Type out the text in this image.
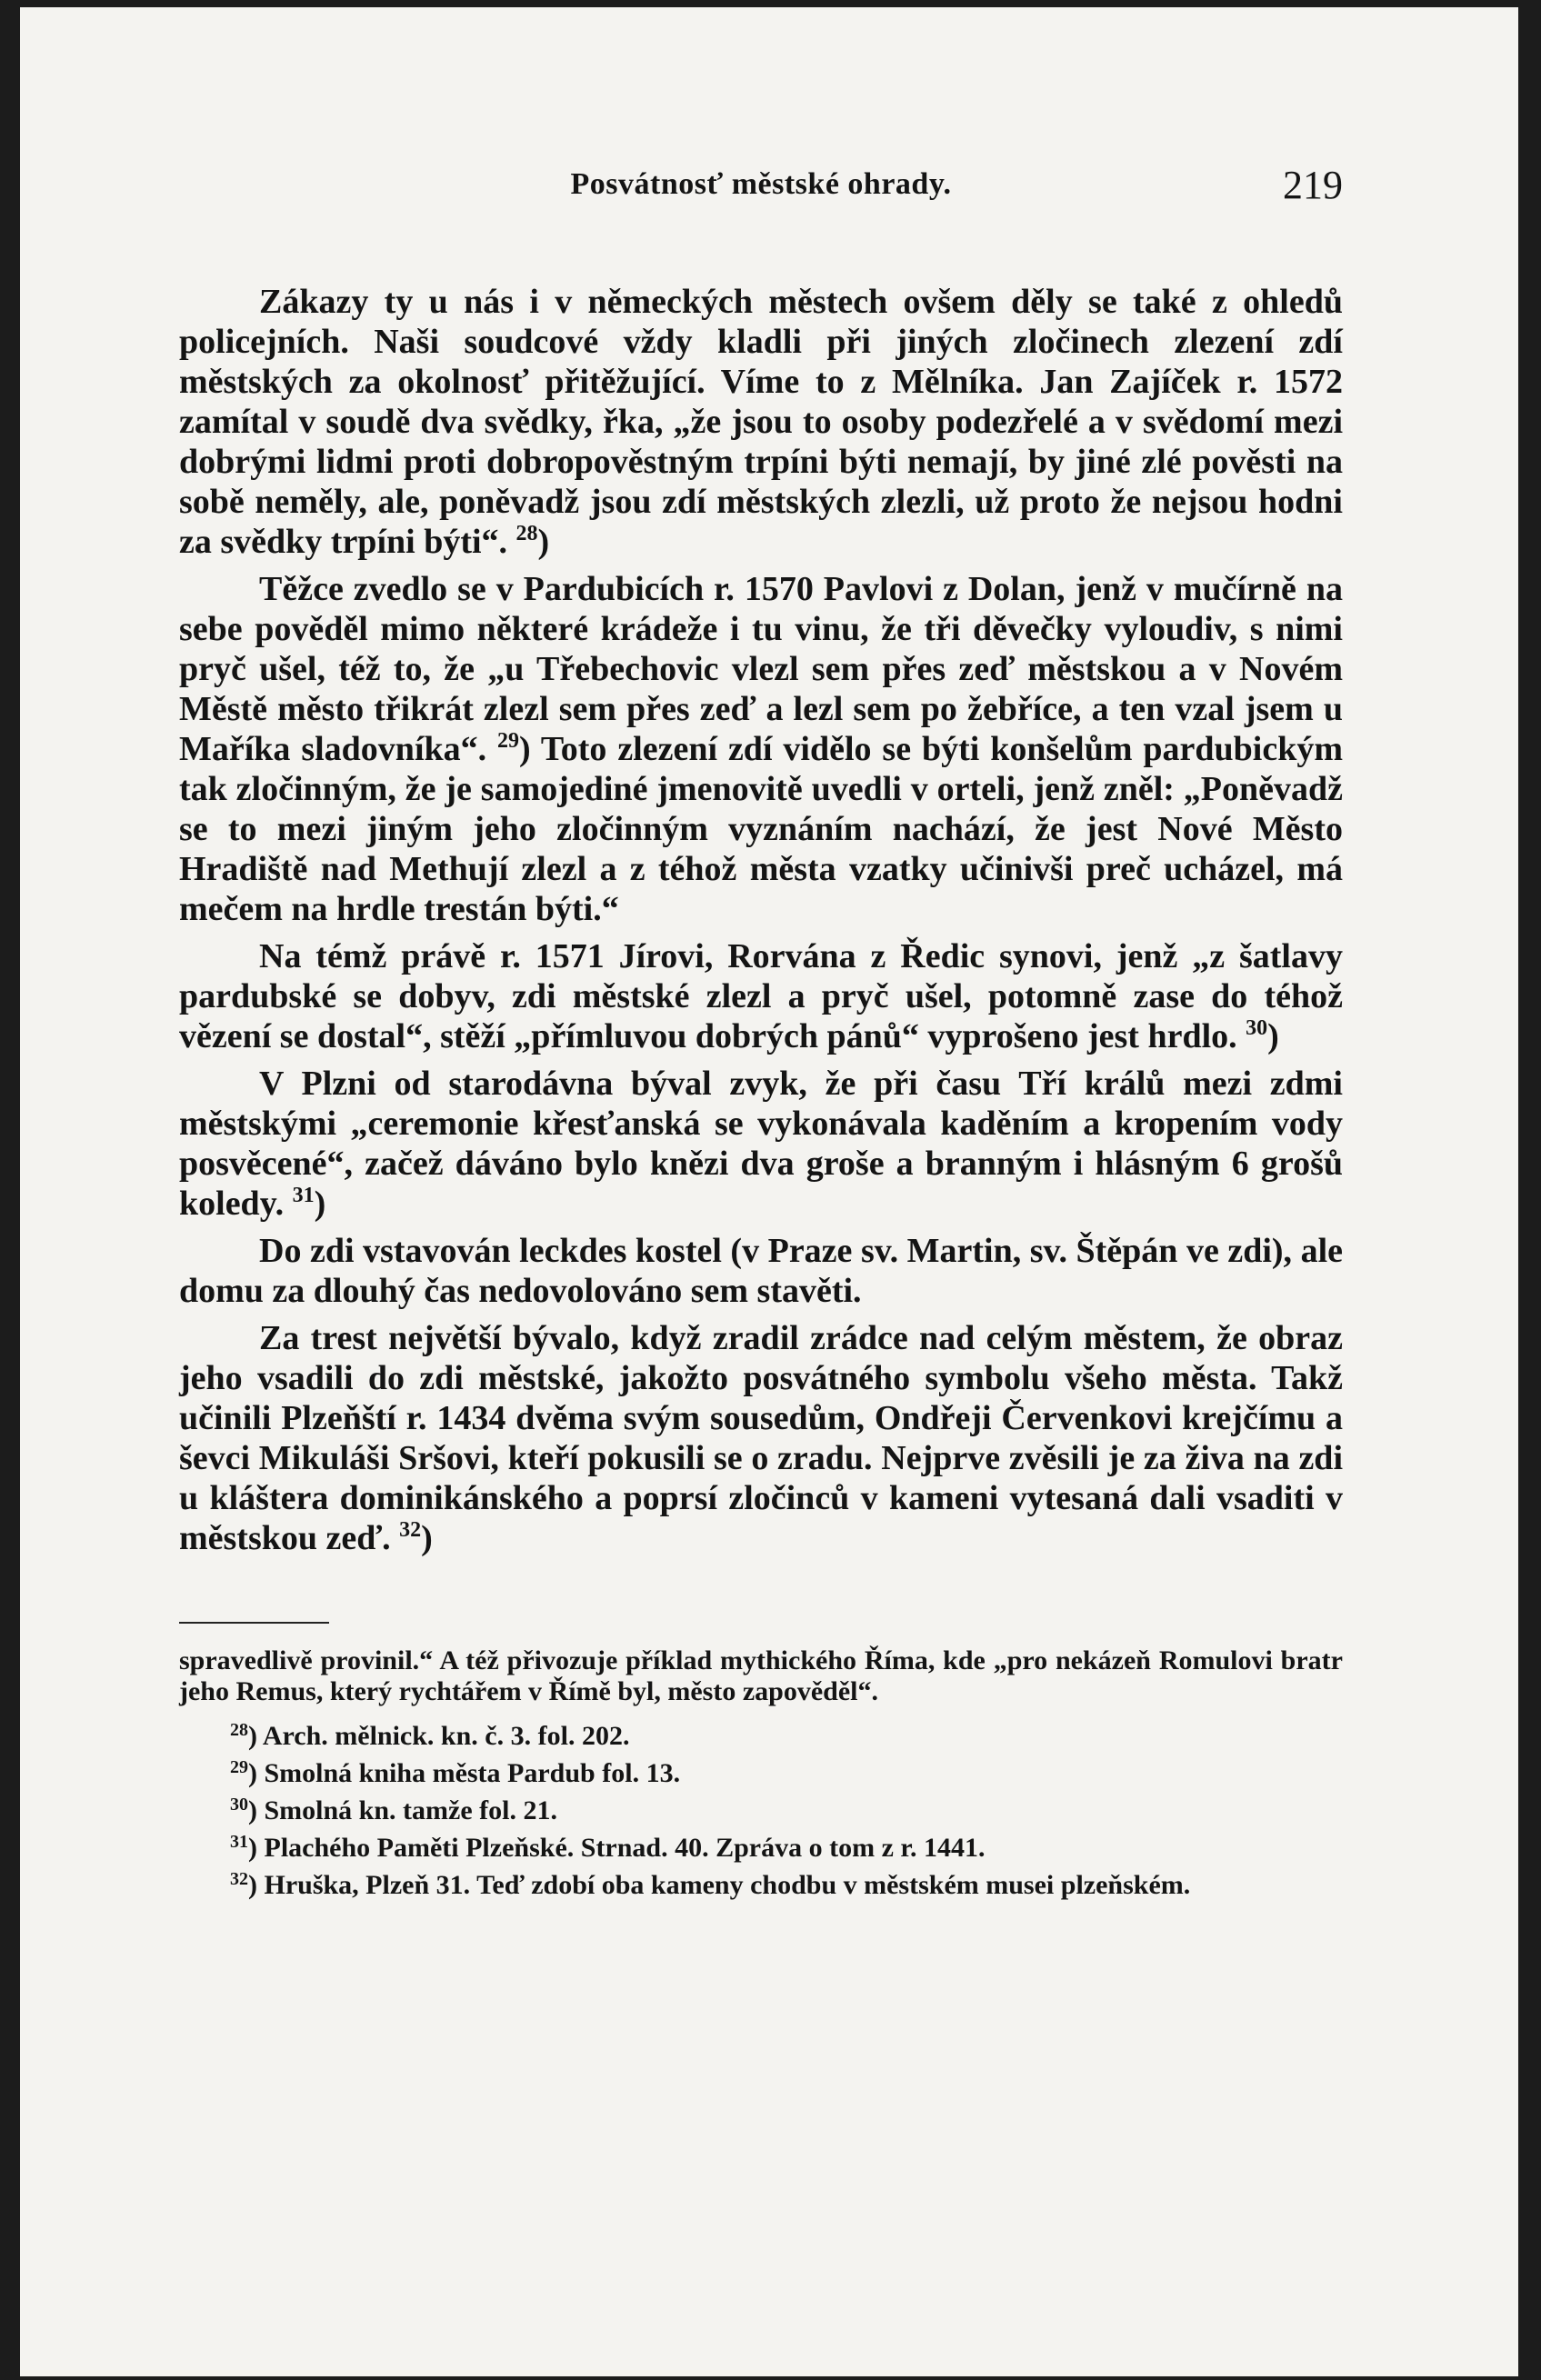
Posvátnosť městské ohrady.	219

Zákazy ty u nás i v německých městech ovšem děly se také z ohledů policejních. Naši soudcové vždy kladli při jiných zločinech zlezení zdí městských za okolnosť přitěžující. Víme to z Mělníka. Jan Zajíček r. 1572 zamítal v soudě dva svědky, řka, „že jsou to osoby podezřelé a v svědomí mezi dobrými lidmi proti dobropověstným trpíni býti nemají, by jiné zlé pověsti na sobě neměly, ale, poněvadž jsou zdí městských zlezli, už proto že nejsou hodni za svědky trpíni býti“. $^{28}$)

Těžce zvedlo se v Pardubicích r. 1570 Pavlovi z Dolan, jenž v mučírně na sebe pověděl mimo některé krádeže i tu vinu, že tři děvečky vyloudiv, s nimi pryč ušel, též to, že „u Třebechovic vlezl sem přes zeď městskou a v Novém Městě město třikrát zlezl sem přes zeď a lezl sem po žebříce, a ten vzal jsem u Maříka sladovníka“. $^{29}$) Toto zlezení zdí vidělo se býti konšelům pardubickým tak zločinným, že je samojediné jmenovitě uvedli v orteli, jenž zněl: „Poněvadž se to mezi jiným jeho zločinným vyznáním nachází, že jest Nové Město Hradiště nad Methují zlezl a z téhož města vzatky učinivši preč ucházel, má mečem na hrdle trestán býti.“

Na témž právě r. 1571 Jírovi, Rorvána z Ředic synovi, jenž „z šatlavy pardubské se dobyv, zdi městské zlezl a pryč ušel, potomně zase do téhož vězení se dostal“, stěží „přímluvou dobrých pánů“ vyprošeno jest hrdlo. $^{30}$)

V Plzni od starodávna býval zvyk, že při času Tří králů mezi zdmi městskými „ceremonie křesťanská se vykonávala kaděním a kropením vody posvěcené“, začež dáváno bylo knězi dva groše a branným i hlásným 6 grošů koledy. $^{31}$)

Do zdi vstavován leckdes kostel (v Praze sv. Martin, sv. Štěpán ve zdi), ale domu za dlouhý čas nedovolováno sem stavěti.

Za trest největší bývalo, když zradil zrádce nad celým městem, že obraz jeho vsadili do zdi městské, jakožto posvátného symbolu všeho města. Takž učinili Plzeňští r. 1434 dvěma svým sousedům, Ondřeji Červenkovi krejčímu a ševci Mikuláši Sršovi, kteří pokusili se o zradu. Nejprve zvěsili je za živa na zdi u kláštera dominikánského a poprsí zločinců v kameni vytesaná dali vsaditi v městskou zeď. $^{32}$)

spravedlivě provinil.“ A též přivozuje příklad mythického Říma, kde „pro nekázeň Romulovi bratr jeho Remus, který rychtářem v Římě byl, město zapověděl“.

$^{28}$) Arch. mělnick. kn. č. 3. fol. 202.

$^{29}$) Smolná kniha města Pardub fol. 13.

$^{30}$) Smolná kn. tamže fol. 21.

$^{31}$) Plachého Paměti Plzeňské. Strnad. 40. Zpráva o tom z r. 1441.

$^{32}$) Hruška, Plzeň 31. Teď zdobí oba kameny chodbu v městském musei plzeňském.
